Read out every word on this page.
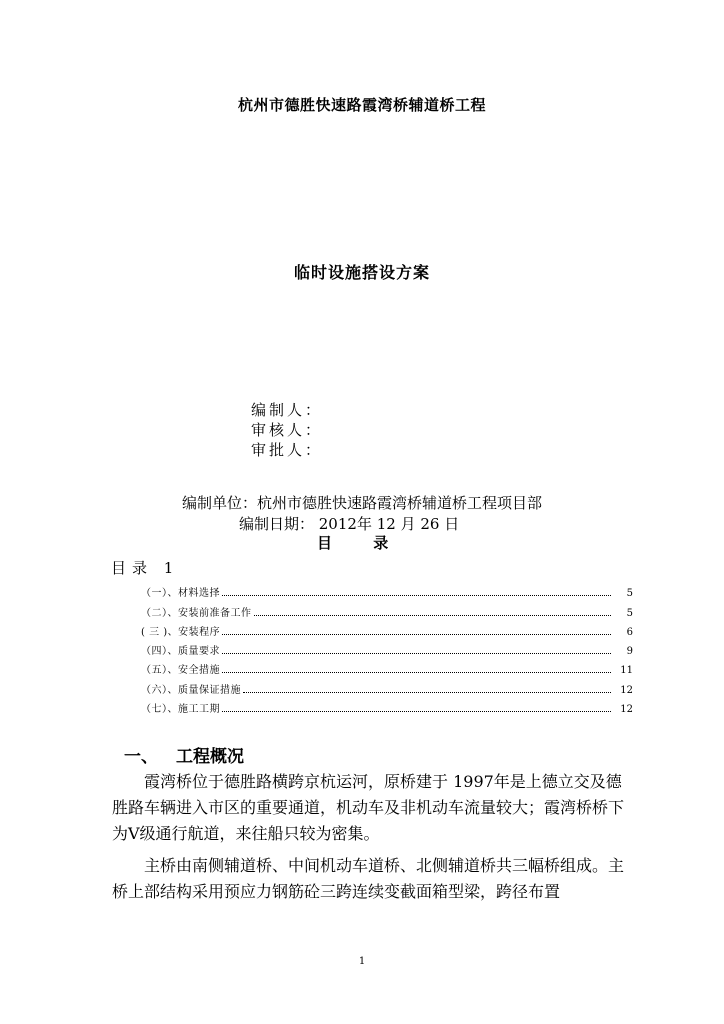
杭州市德胜快速路霞湾桥辅道桥工程
临时设施搭设方案
编制人：
审核人：
审批人：
编制单位：杭州市德胜快速路霞湾桥辅道桥工程项目部
编制日期： 2012年 12 月 26 日
目 录
目录 1
（一）、材料选择	5
（二）、安装前准备工作	5
( 三 )、安装程序	6
（四）、质量要求	9
（五）、安全措施	11
（六）、质量保证措施	12
（七）、施工工期	12
一、 工程概况
霞湾桥位于德胜路横跨京杭运河，原桥建于 1997年是上德立交及德胜路车辆进入市区的重要通道，机动车及非机动车流量较大；霞湾桥桥下为Ⅴ级通行航道，来往船只较为密集。
主桥由南侧辅道桥、中间机动车道桥、北侧辅道桥共三幅桥组成。主桥上部结构采用预应力钢筋砼三跨连续变截面箱型梁，跨径布置
1
